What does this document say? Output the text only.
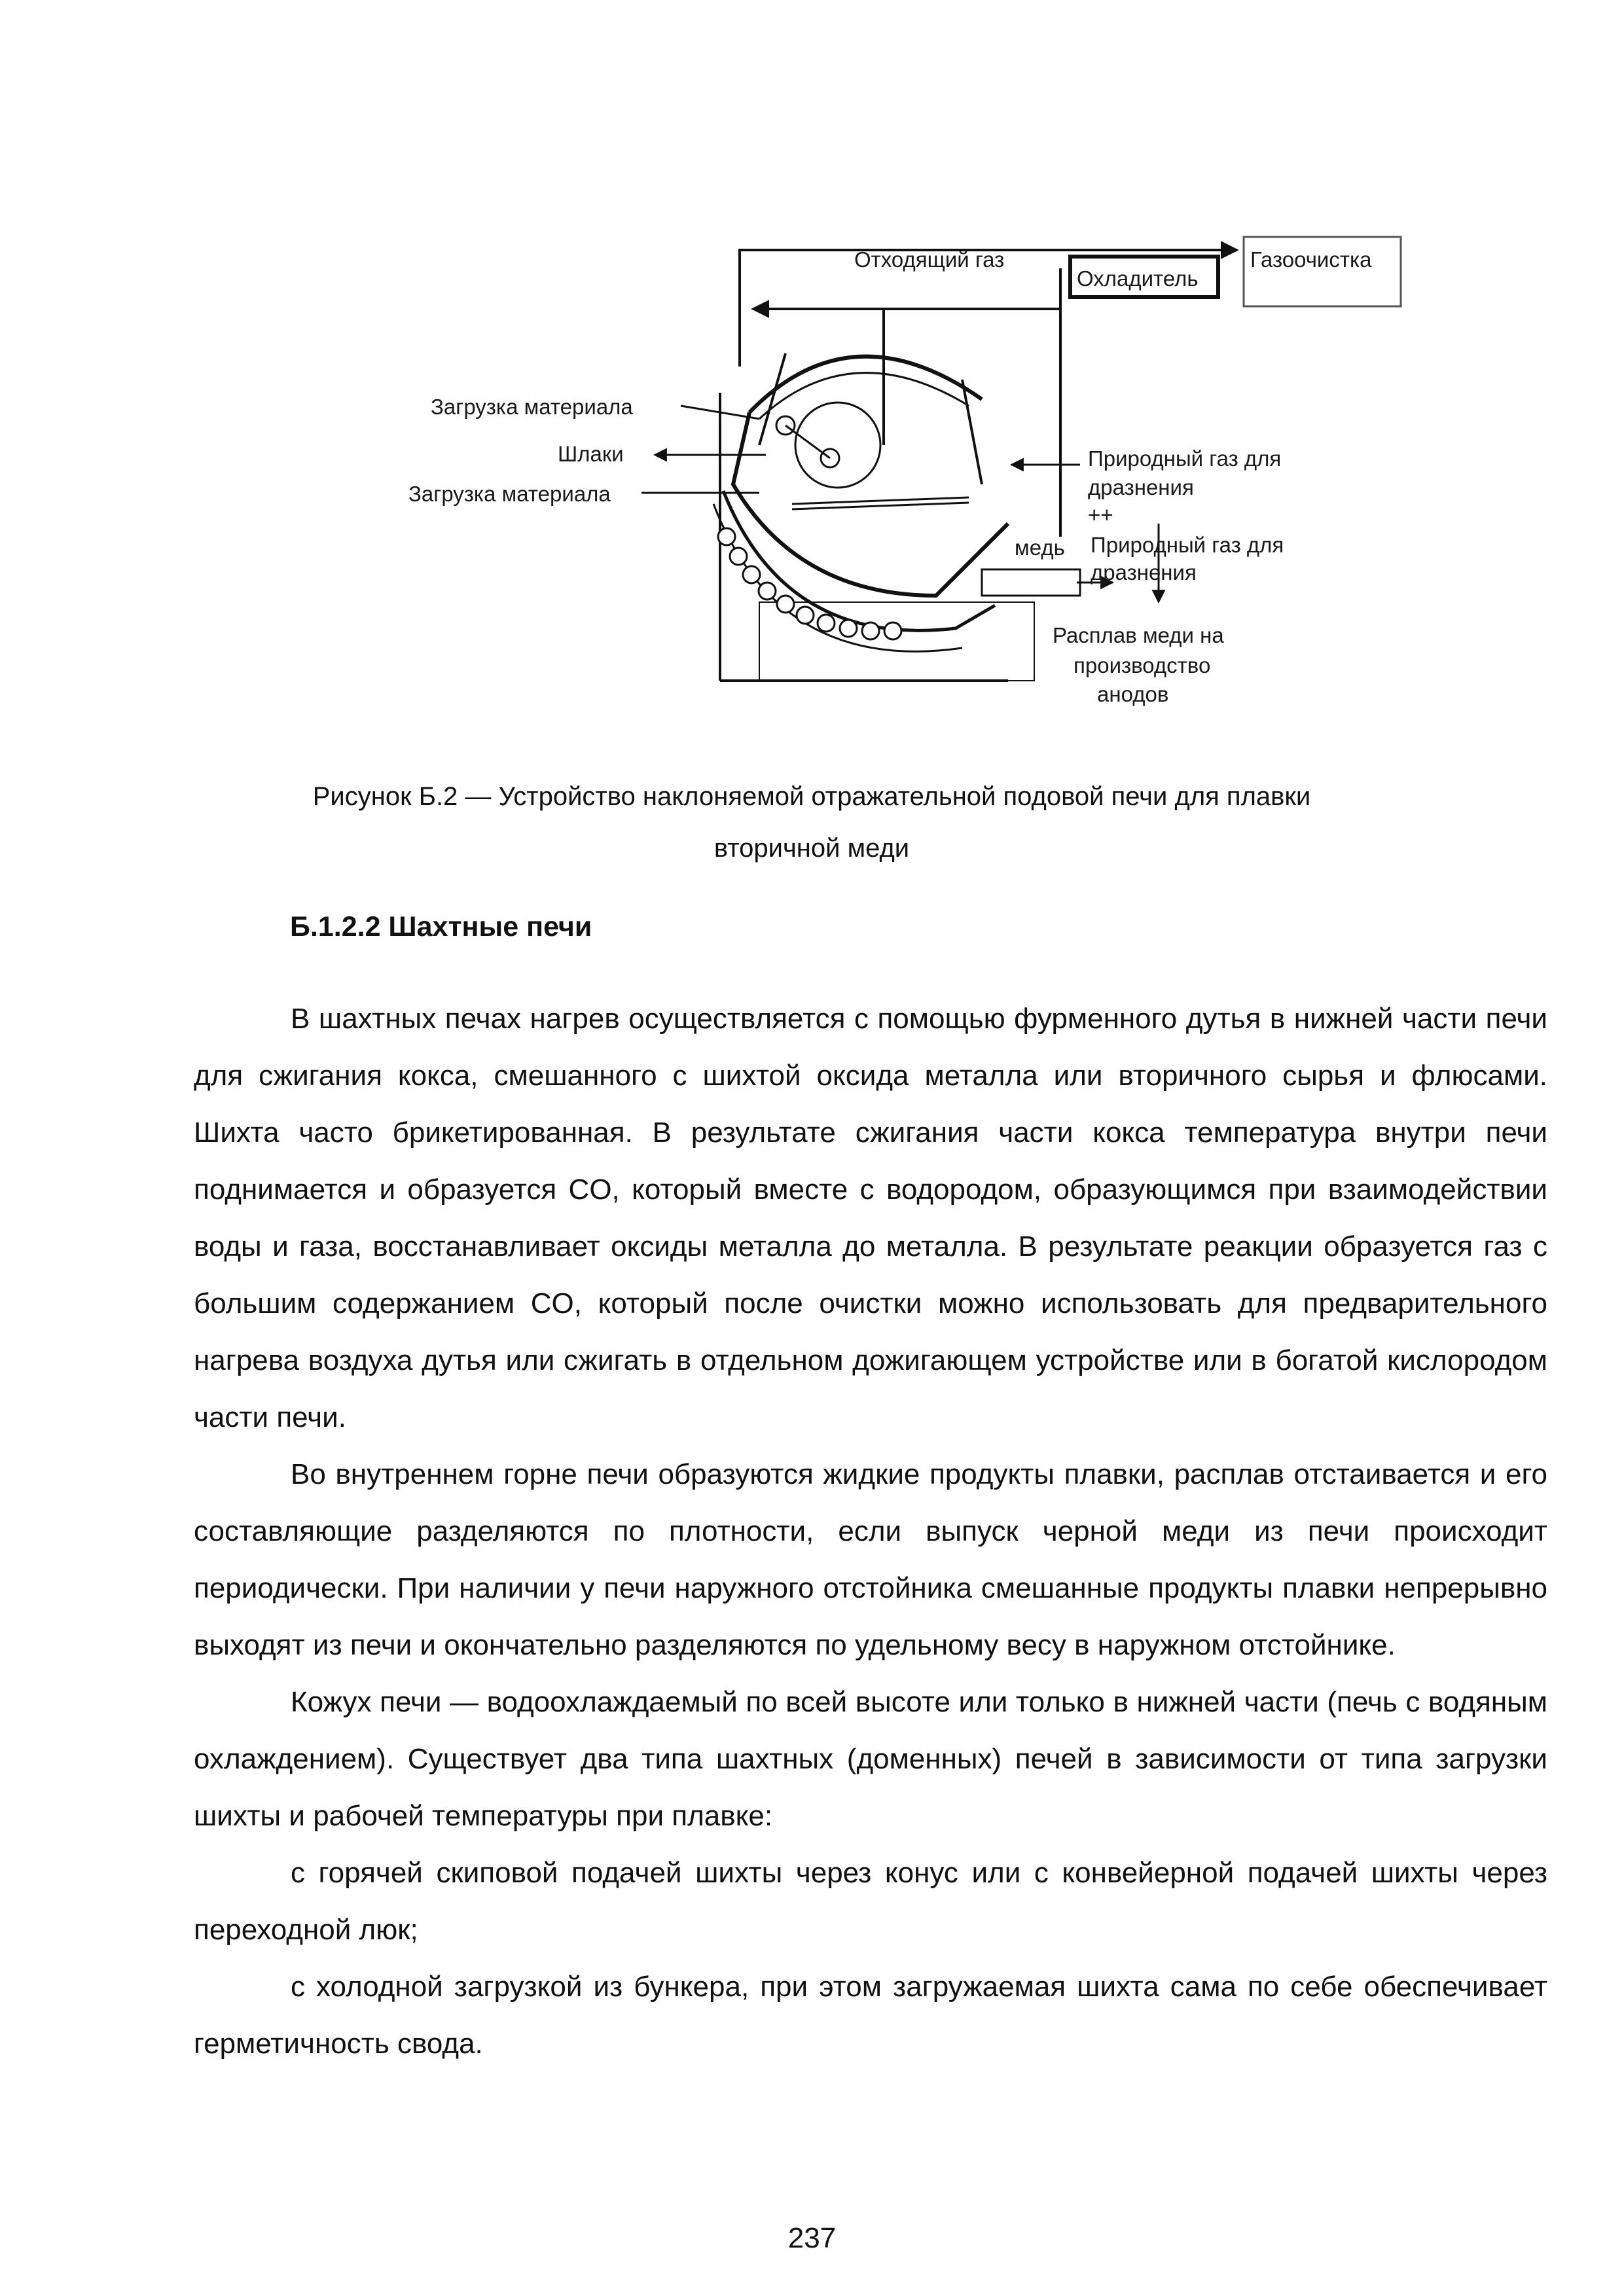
Отходящий газ
Охладитель
Газоочистка
Загрузка материала
Шлаки
Загрузка материала
Природный газ для
дразнения
++
медь Природный газ для
дразнения
Расплав меди на
производство
анодов
Рисунок Б.2 — Устройство наклоняемой отражательной подовой печи для плавки
вторичной меди
Б.1.2.2 Шахтные печи

В шахтных печах нагрев осуществляется с помощью фурменного дутья в нижней части печи для сжигания кокса, смешанного с шихтой оксида металла или вторичного сырья и флюсами. Шихта часто брикетированная. В результате сжигания части кокса температура внутри печи поднимается и образуется CO, который вместе с водородом, образующимся при взаимодействии воды и газа, восстанавливает оксиды металла до металла. В результате реакции образуется газ с большим содержанием CO, который после очистки можно использовать для предварительного нагрева воздуха дутья или сжигать в отдельном дожигающем устройстве или в богатой кислородом части печи.

Во внутреннем горне печи образуются жидкие продукты плавки, расплав отстаивается и его составляющие разделяются по плотности, если выпуск черной меди из печи происходит периодически. При наличии у печи наружного отстойника смешанные продукты плавки непрерывно выходят из печи и окончательно разделяются по удельному весу в наружном отстойнике.

Кожух печи — водоохлаждаемый по всей высоте или только в нижней части (печь с водяным охлаждением). Существует два типа шахтных (доменных) печей в зависимости от типа загрузки шихты и рабочей температуры при плавке:

с горячей скиповой подачей шихты через конус или с конвейерной подачей шихты через переходной люк;

с холодной загрузкой из бункера, при этом загружаемая шихта сама по себе обеспечивает герметичность свода.

237
